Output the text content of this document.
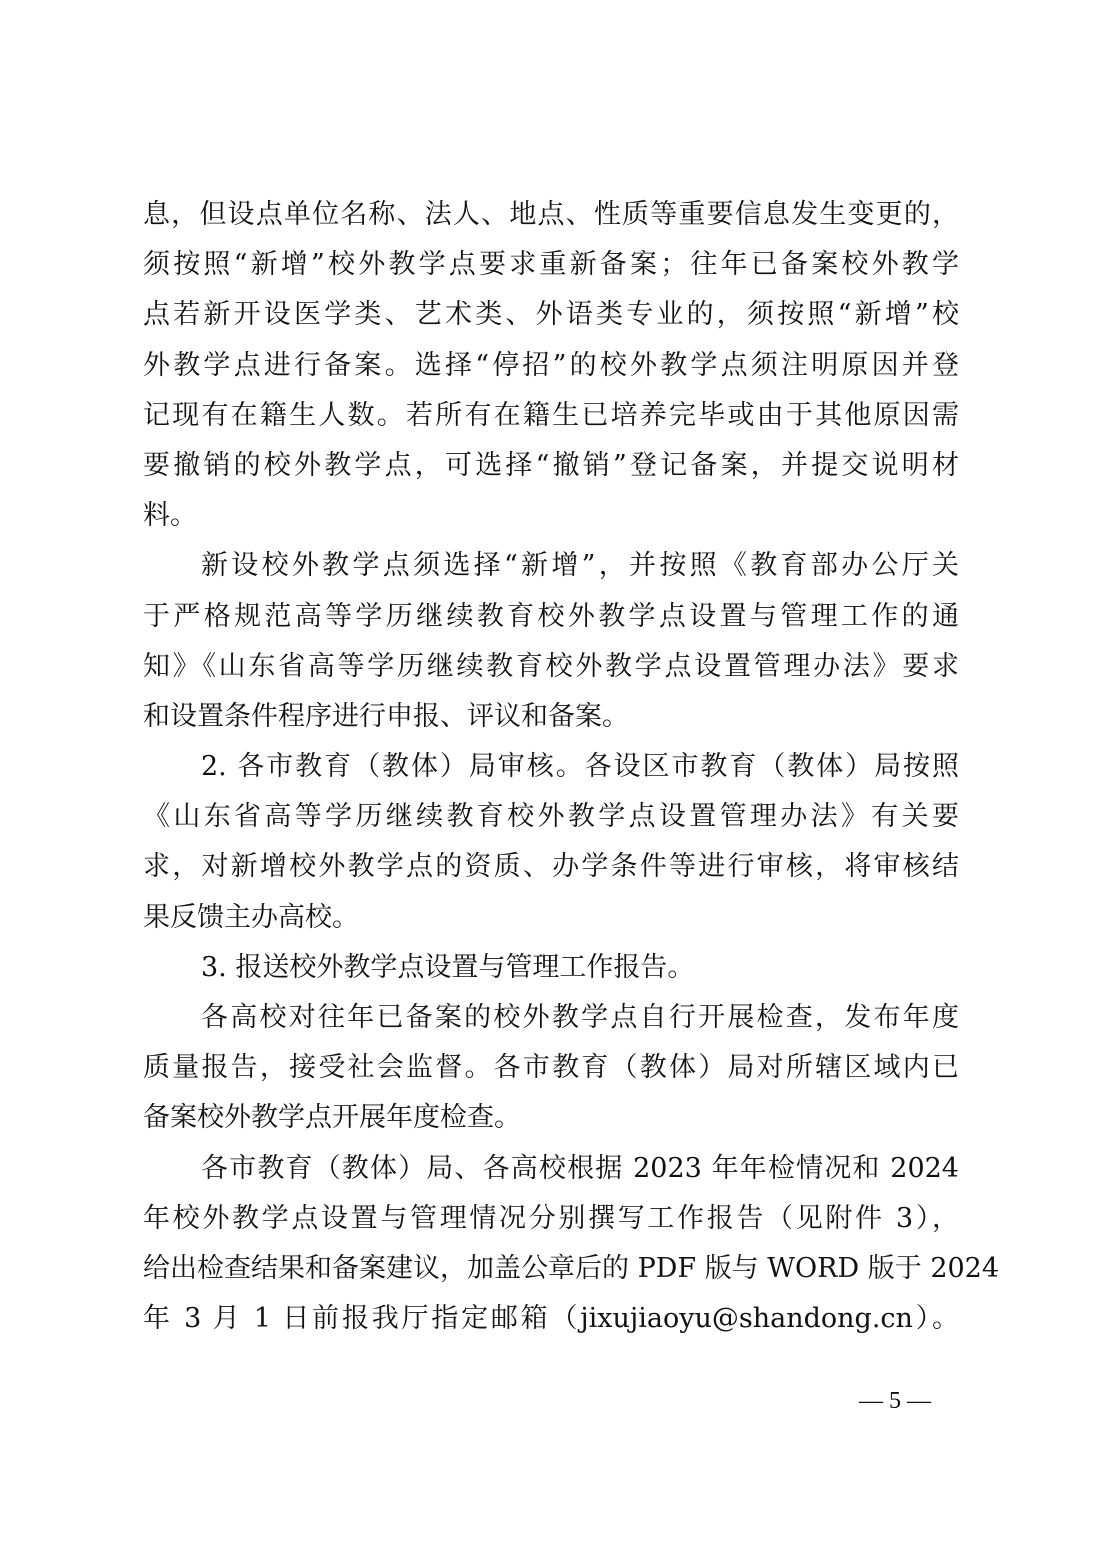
息，但设点单位名称、法人、地点、性质等重要信息发生变更的，
须按照“新增”校外教学点要求重新备案；往年已备案校外教学
点若新开设医学类、艺术类、外语类专业的，须按照“新增”校
外教学点进行备案。选择“停招”的校外教学点须注明原因并登
记现有在籍生人数。若所有在籍生已培养完毕或由于其他原因需
要撤销的校外教学点，可选择“撤销”登记备案，并提交说明材
料。
新设校外教学点须选择“新增”，并按照《教育部办公厅关
于严格规范高等学历继续教育校外教学点设置与管理工作的通
知》《山东省高等学历继续教育校外教学点设置管理办法》要求
和设置条件程序进行申报、评议和备案。
2. 各市教育（教体）局审核。各设区市教育（教体）局按照
《山东省高等学历继续教育校外教学点设置管理办法》有关要
求，对新增校外教学点的资质、办学条件等进行审核，将审核结
果反馈主办高校。
3. 报送校外教学点设置与管理工作报告。
各高校对往年已备案的校外教学点自行开展检查，发布年度
质量报告，接受社会监督。各市教育（教体）局对所辖区域内已
备案校外教学点开展年度检查。
各市教育（教体）局、各高校根据 2023 年年检情况和 2024
年校外教学点设置与管理情况分别撰写工作报告（见附件 3），
给出检查结果和备案建议，加盖公章后的 PDF 版与 WORD 版于 2024
年 3 月 1 日前报我厅指定邮箱（jixujiaoyu@shandong.cn）。
— 5 —
